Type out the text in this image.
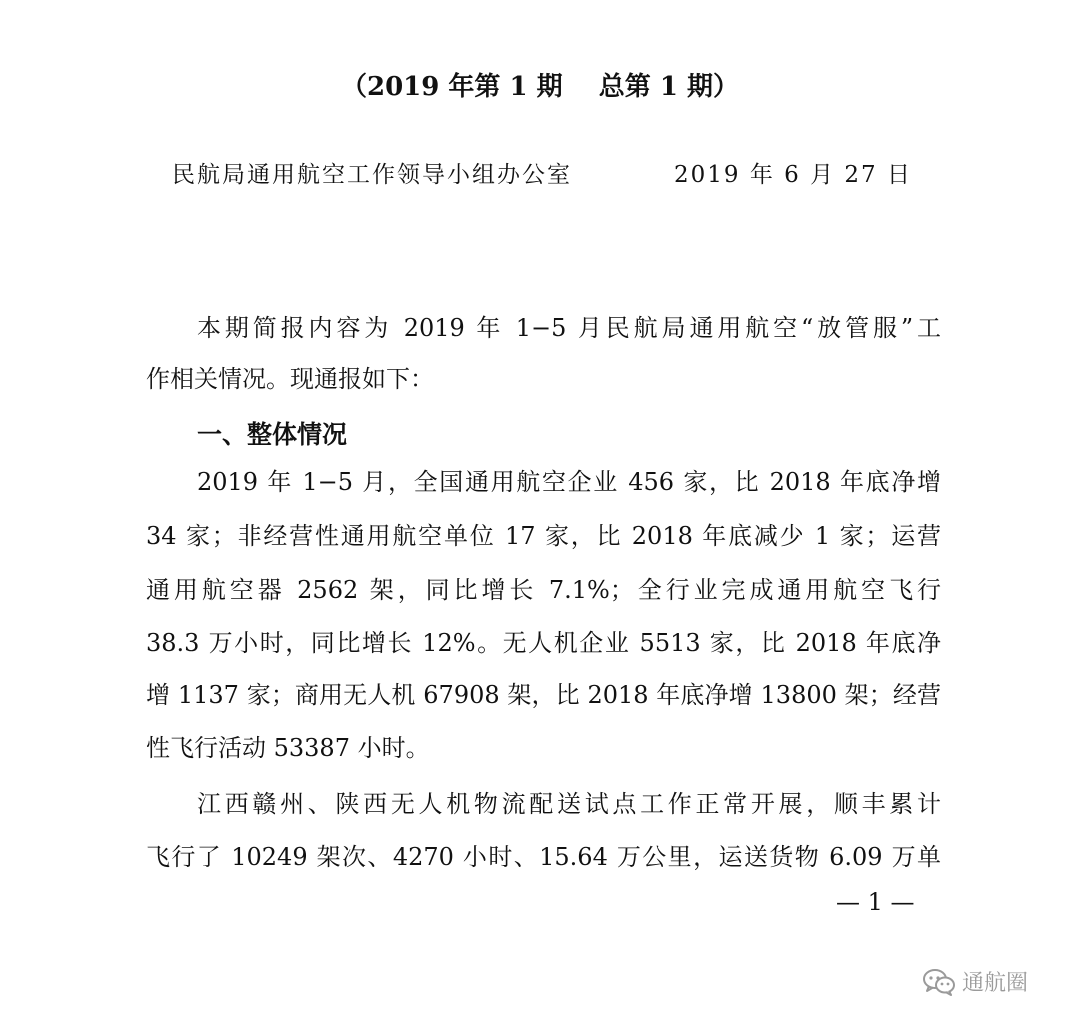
（2019 年第 1 期    总第 1 期）
民航局通用航空工作领导小组办公室	2019 年 6 月 27 日
本期简报内容为 2019 年 1−5 月民航局通用航空“放管服”工
作相关情况。现通报如下：
一、整体情况
2019 年 1−5 月，全国通用航空企业 456 家，比 2018 年底净增
34 家；非经营性通用航空单位 17 家，比 2018 年底减少 1 家；运营
通用航空器 2562 架，同比增长 7.1%；全行业完成通用航空飞行
38.3 万小时，同比增长 12%。无人机企业 5513 家，比 2018 年底净
增 1137 家；商用无人机 67908 架，比 2018 年底净增 13800 架；经营
性飞行活动 53387 小时。
江西赣州、陕西无人机物流配送试点工作正常开展，顺丰累计
飞行了 10249 架次、4270 小时、15.64 万公里，运送货物 6.09 万单
— 1 —
通航圈
